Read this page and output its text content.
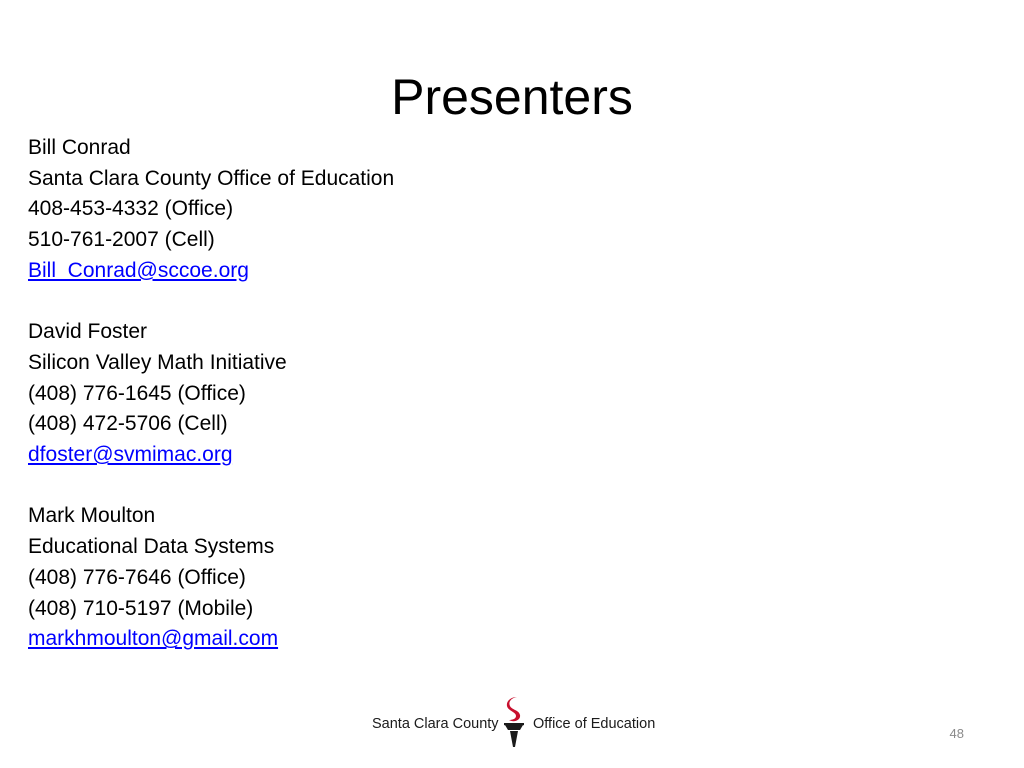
Presenters
Bill Conrad
Santa Clara County Office of Education
408-453-4332 (Office)
510-761-2007 (Cell)
Bill_Conrad@sccoe.org
David Foster
Silicon Valley Math Initiative
(408) 776-1645 (Office)
(408) 472-5706 (Cell)
dfoster@svmimac.org
Mark Moulton
Educational Data Systems
(408) 776-7646 (Office)
(408) 710-5197 (Mobile)
markhmoulton@gmail.com
Santa Clara County Office of Education
48
